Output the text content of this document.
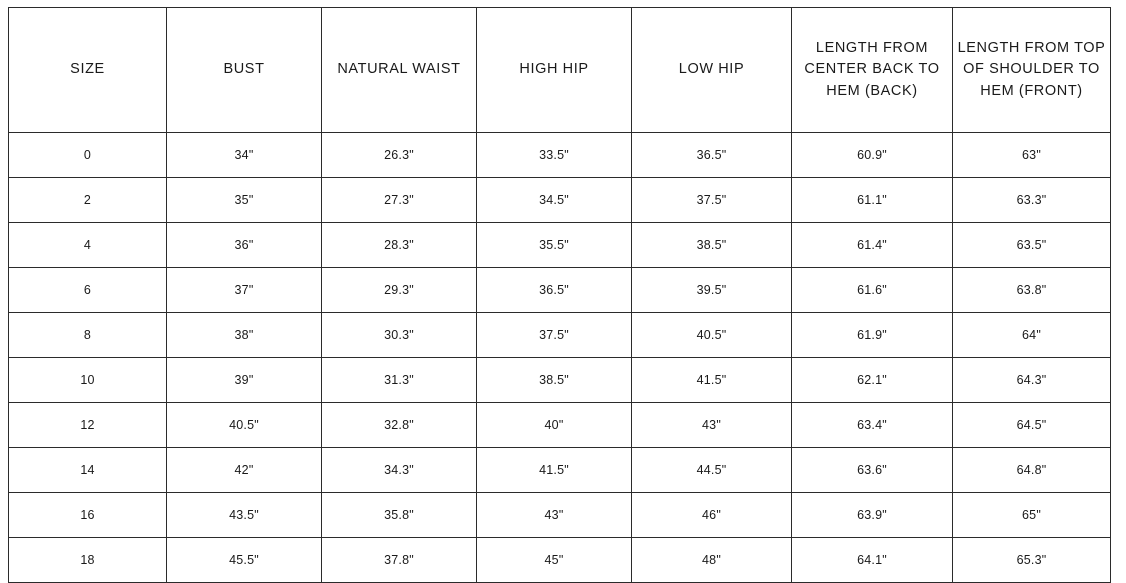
SIZE	BUST	NATURAL WAIST	HIGH HIP	LOW HIP	LENGTH FROM CENTER BACK TO HEM (BACK)	LENGTH FROM TOP OF SHOULDER TO HEM (FRONT)
0	34"	26.3"	33.5"	36.5"	60.9"	63"
2	35"	27.3"	34.5"	37.5"	61.1"	63.3"
4	36"	28.3"	35.5"	38.5"	61.4"	63.5"
6	37"	29.3"	36.5"	39.5"	61.6"	63.8"
8	38"	30.3"	37.5"	40.5"	61.9"	64"
10	39"	31.3"	38.5"	41.5"	62.1"	64.3"
12	40.5"	32.8"	40"	43"	63.4"	64.5"
14	42"	34.3"	41.5"	44.5"	63.6"	64.8"
16	43.5"	35.8"	43"	46"	63.9"	65"
18	45.5"	37.8"	45"	48"	64.1"	65.3"
